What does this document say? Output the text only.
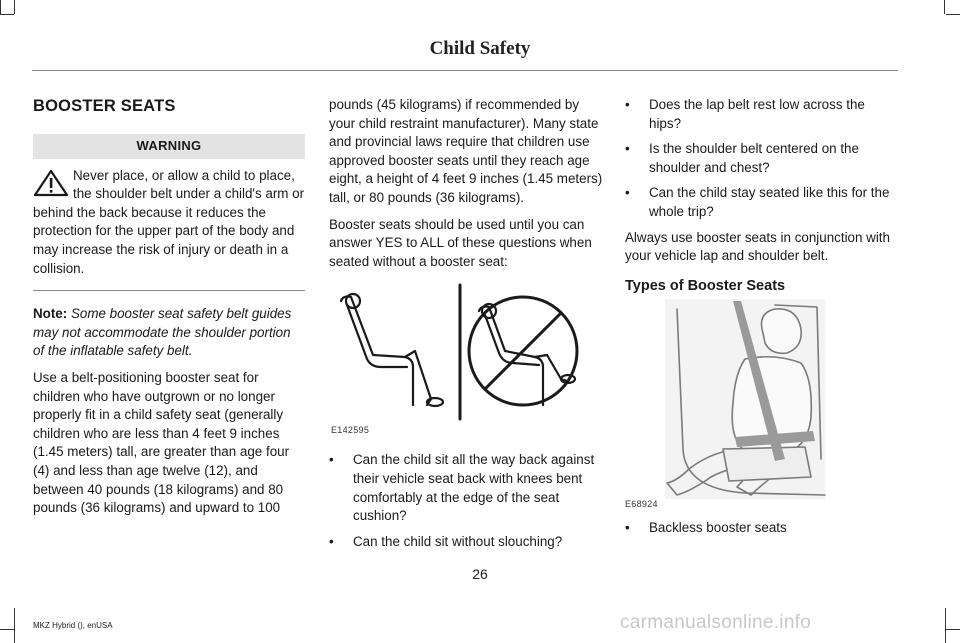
Child Safety
BOOSTER SEATS
WARNING
Never place, or allow a child to place, the shoulder belt under a child's arm or behind the back because it reduces the protection for the upper part of the body and may increase the risk of injury or death in a collision.

Note: Some booster seat safety belt guides may not accommodate the shoulder portion of the inflatable safety belt.

Use a belt-positioning booster seat for children who have outgrown or no longer properly fit in a child safety seat (generally children who are less than 4 feet 9 inches (1.45 meters) tall, are greater than age four (4) and less than age twelve (12), and between 40 pounds (18 kilograms) and 80 pounds (36 kilograms) and upward to 100

pounds (45 kilograms) if recommended by your child restraint manufacturer). Many state and provincial laws require that children use approved booster seats until they reach age eight, a height of 4 feet 9 inches (1.45 meters) tall, or 80 pounds (36 kilograms).

Booster seats should be used until you can answer YES to ALL of these questions when seated without a booster seat:

E142595
• Can the child sit all the way back against their vehicle seat back with knees bent comfortably at the edge of the seat cushion?
• Can the child sit without slouching?
• Does the lap belt rest low across the hips?
• Is the shoulder belt centered on the shoulder and chest?
• Can the child stay seated like this for the whole trip?

Always use booster seats in conjunction with your vehicle lap and shoulder belt.

Types of Booster Seats
E68924
• Backless booster seats
26
MKZ Hybrid (), enUSA	carmanualsonline.info
